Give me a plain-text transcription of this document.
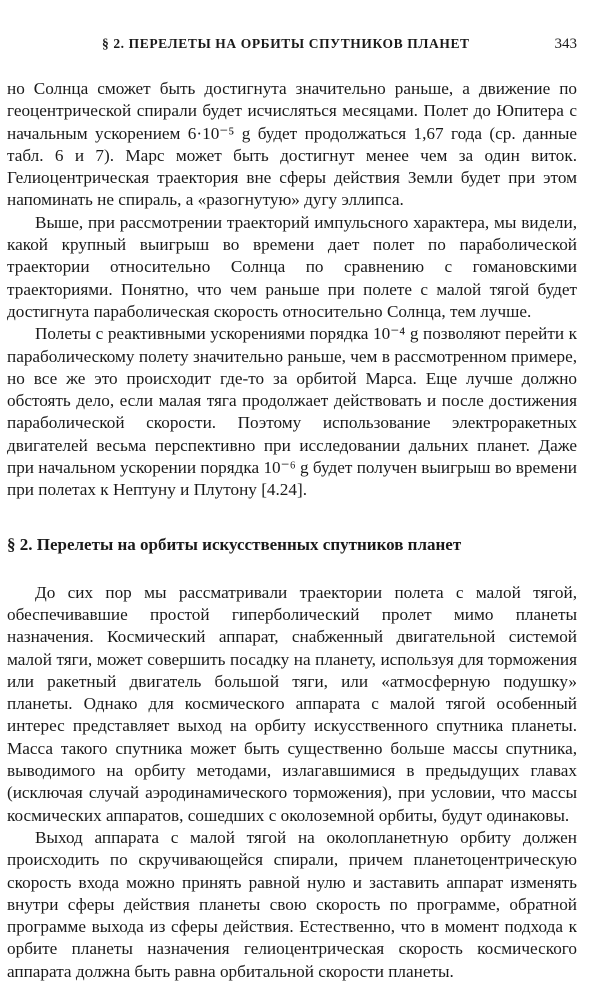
§ 2. ПЕРЕЛЕТЫ НА ОРБИТЫ СПУТНИКОВ ПЛАНЕТ	343

но Солнца сможет быть достигнута значительно раньше, а движение по геоцентрической спирали будет исчисляться месяцами. Полет до Юпитера с начальным ускорением 6·10⁻⁵ g будет продолжаться 1,67 года (ср. данные табл. 6 и 7). Марс может быть достигнут менее чем за один виток. Гелиоцентрическая траектория вне сферы действия Земли будет при этом напоминать не спираль, а «разогнутую» дугу эллипса.

Выше, при рассмотрении траекторий импульсного характера, мы видели, какой крупный выигрыш во времени дает полет по параболической траектории относительно Солнца по сравнению с гомановскими траекториями. Понятно, что чем раньше при полете с малой тягой будет достигнута параболическая скорость относительно Солнца, тем лучше.

Полеты с реактивными ускорениями порядка 10⁻⁴ g позволяют перейти к параболическому полету значительно раньше, чем в рассмотренном примере, но все же это происходит где-то за орбитой Марса. Еще лучше должно обстоять дело, если малая тяга продолжает действовать и после достижения параболической скорости. Поэтому использование электроракетных двигателей весьма перспективно при исследовании дальних планет. Даже при начальном ускорении порядка 10⁻⁶ g будет получен выигрыш во времени при полетах к Нептуну и Плутону [4.24].

§ 2. Перелеты на орбиты искусственных спутников планет

До сих пор мы рассматривали траектории полета с малой тягой, обеспечивавшие простой гиперболический пролет мимо планеты назначения. Космический аппарат, снабженный двигательной системой малой тяги, может совершить посадку на планету, используя для торможения или ракетный двигатель большой тяги, или «атмосферную подушку» планеты. Однако для космического аппарата с малой тягой особенный интерес представляет выход на орбиту искусственного спутника планеты. Масса такого спутника может быть существенно больше массы спутника, выводимого на орбиту методами, излагавшимися в предыдущих главах (исключая случай аэродинамического торможения), при условии, что массы космических аппаратов, сошедших с околоземной орбиты, будут одинаковы.

Выход аппарата с малой тягой на околопланетную орбиту должен происходить по скручивающейся спирали, причем планетоцентрическую скорость входа можно принять равной нулю и заставить аппарат изменять внутри сферы действия планеты свою скорость по программе, обратной программе выхода из сферы действия. Естественно, что в момент подхода к орбите планеты назначения гелиоцентрическая скорость космического аппарата должна быть равна орбитальной скорости планеты.
